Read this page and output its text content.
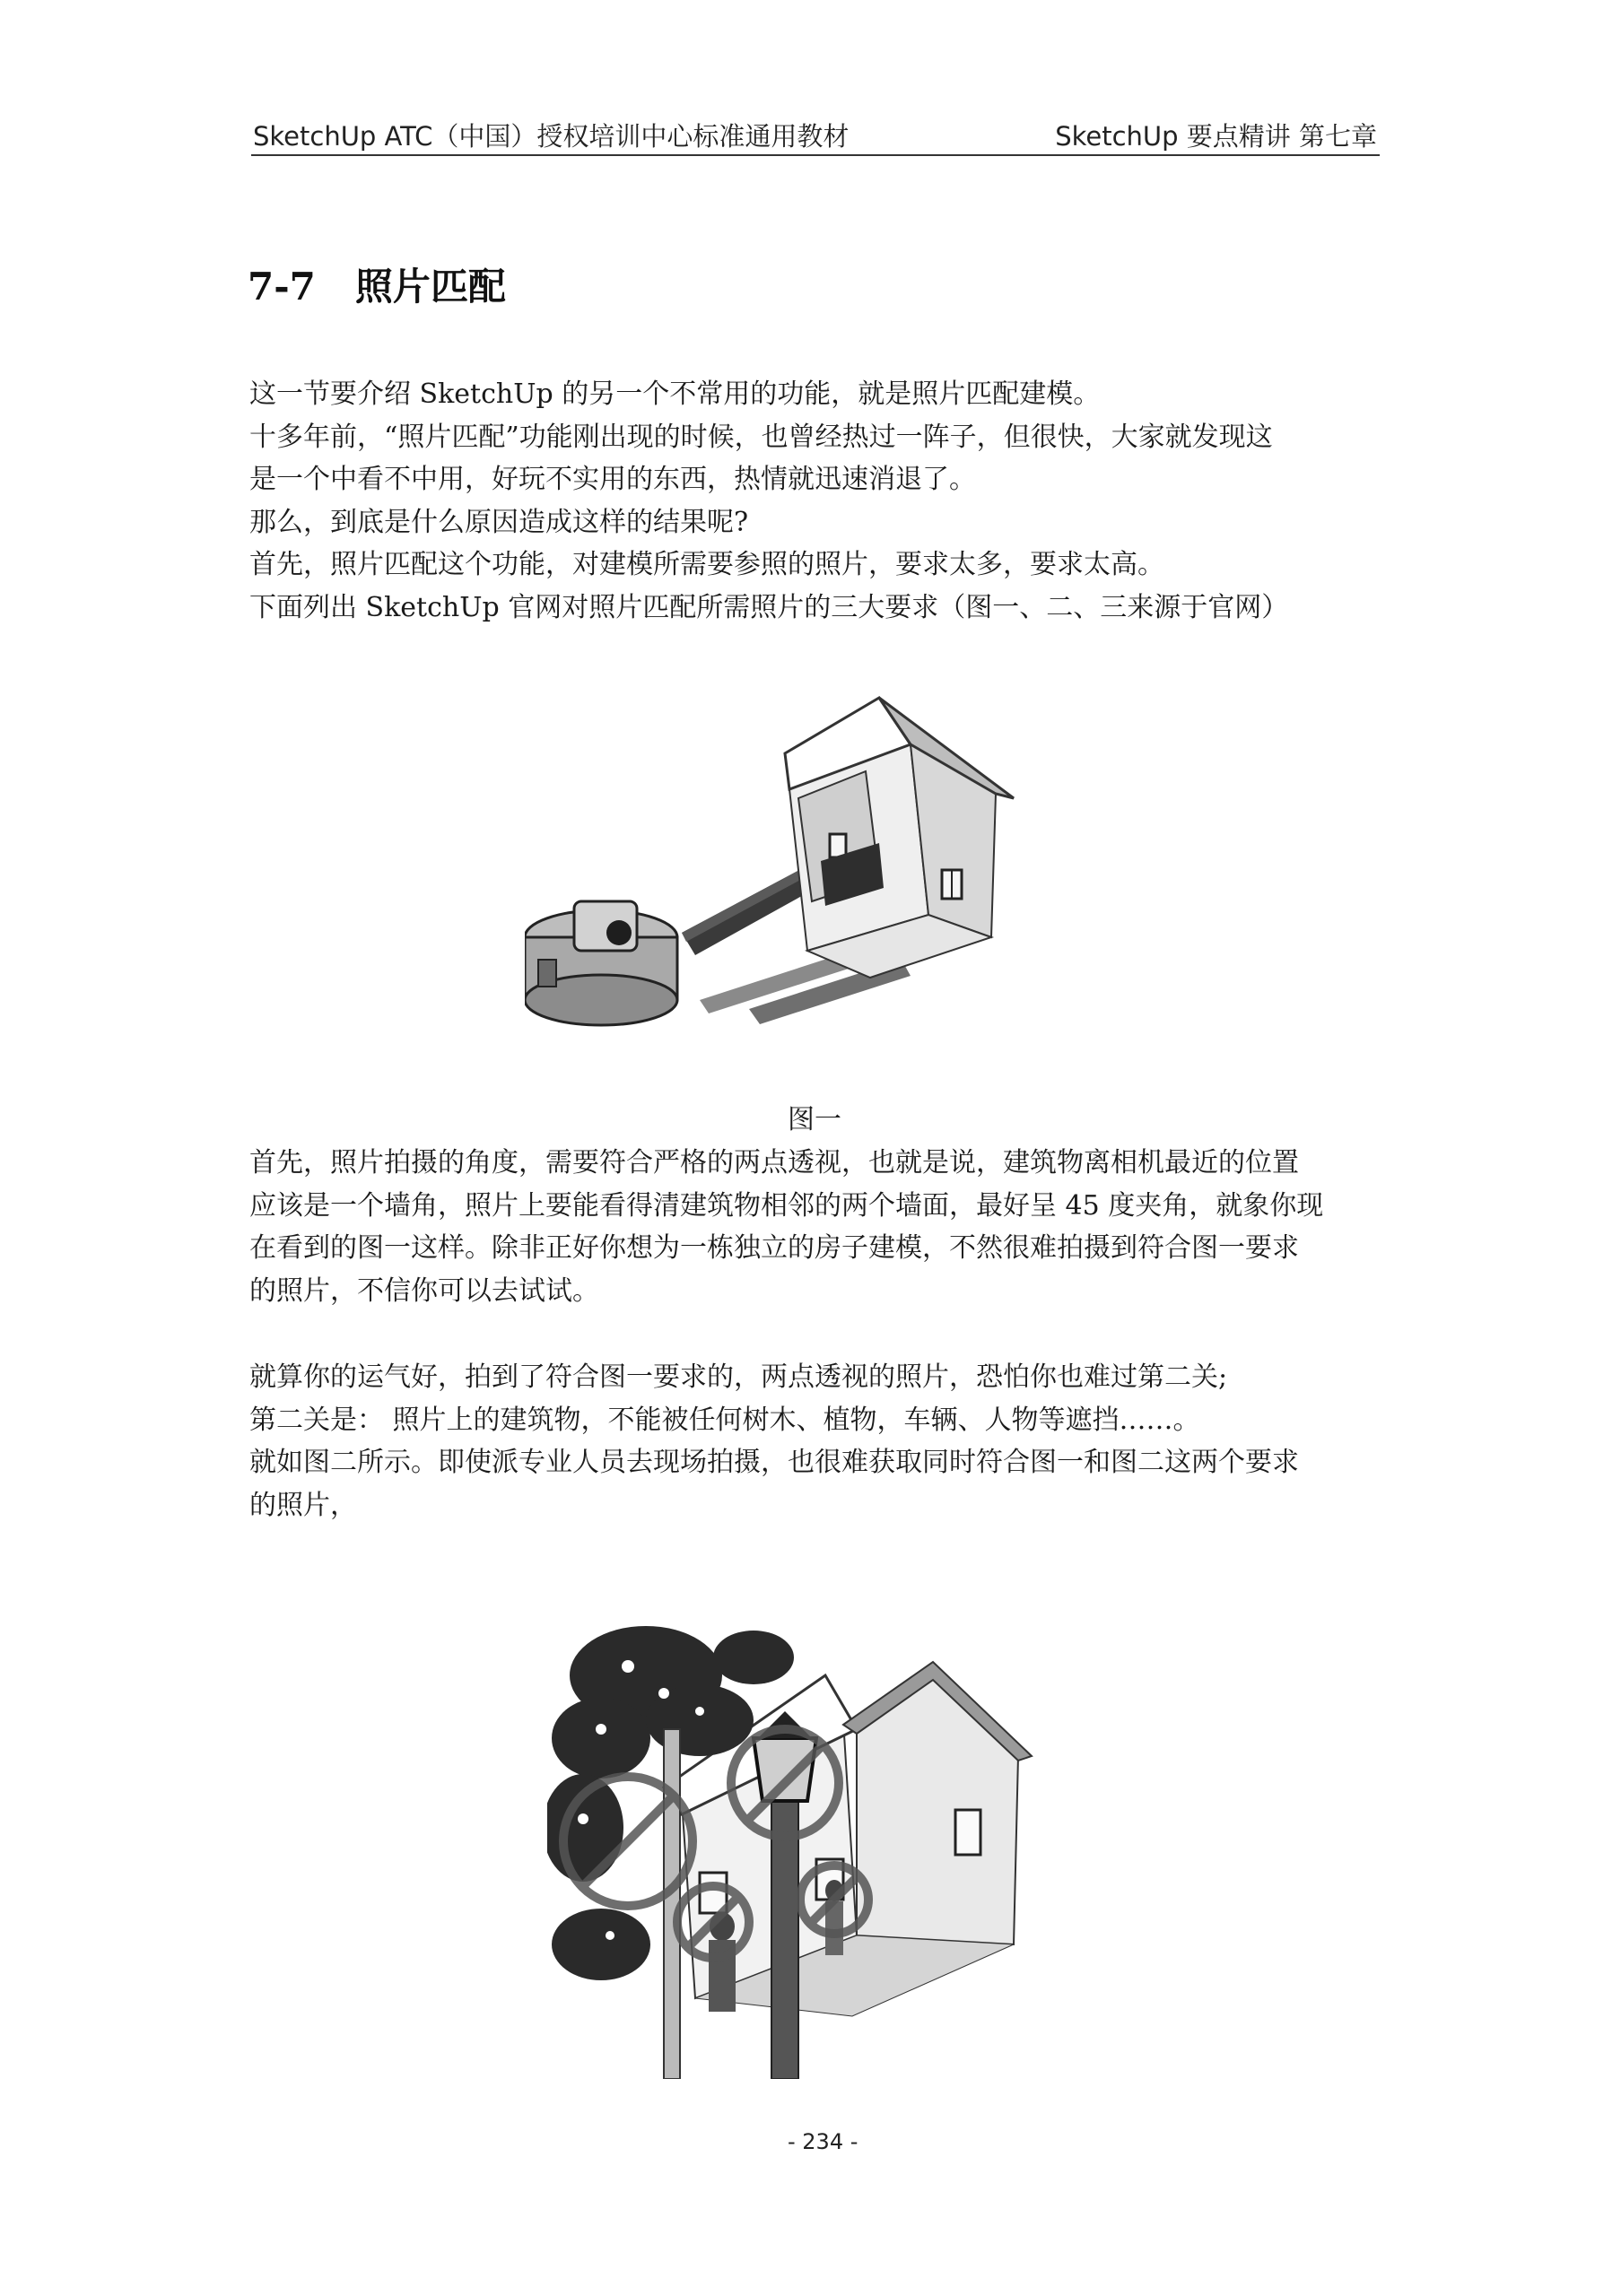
SketchUp ATC（中国）授权培训中心标准通用教材	SketchUp 要点精讲 第七章
7-7 照片匹配
这一节要介绍 SketchUp 的另一个不常用的功能，就是照片匹配建模。
十多年前，“照片匹配”功能刚出现的时候，也曾经热过一阵子，但很快，大家就发现这
是一个中看不中用，好玩不实用的东西，热情就迅速消退了。
那么，到底是什么原因造成这样的结果呢?
首先，照片匹配这个功能，对建模所需要参照的照片，要求太多，要求太高。
下面列出 SketchUp 官网对照片匹配所需照片的三大要求（图一、二、三来源于官网）
图一
首先，照片拍摄的角度，需要符合严格的两点透视，也就是说，建筑物离相机最近的位置
应该是一个墙角，照片上要能看得清建筑物相邻的两个墙面，最好呈 45 度夹角，就象你现
在看到的图一这样。除非正好你想为一栋独立的房子建模，不然很难拍摄到符合图一要求
的照片，不信你可以去试试。
就算你的运气好，拍到了符合图一要求的，两点透视的照片，恐怕你也难过第二关;
第二关是： 照片上的建筑物，不能被任何树木、植物，车辆、人物等遮挡……。
就如图二所示。即使派专业人员去现场拍摄，也很难获取同时符合图一和图二这两个要求
的照片，
- 234 -
